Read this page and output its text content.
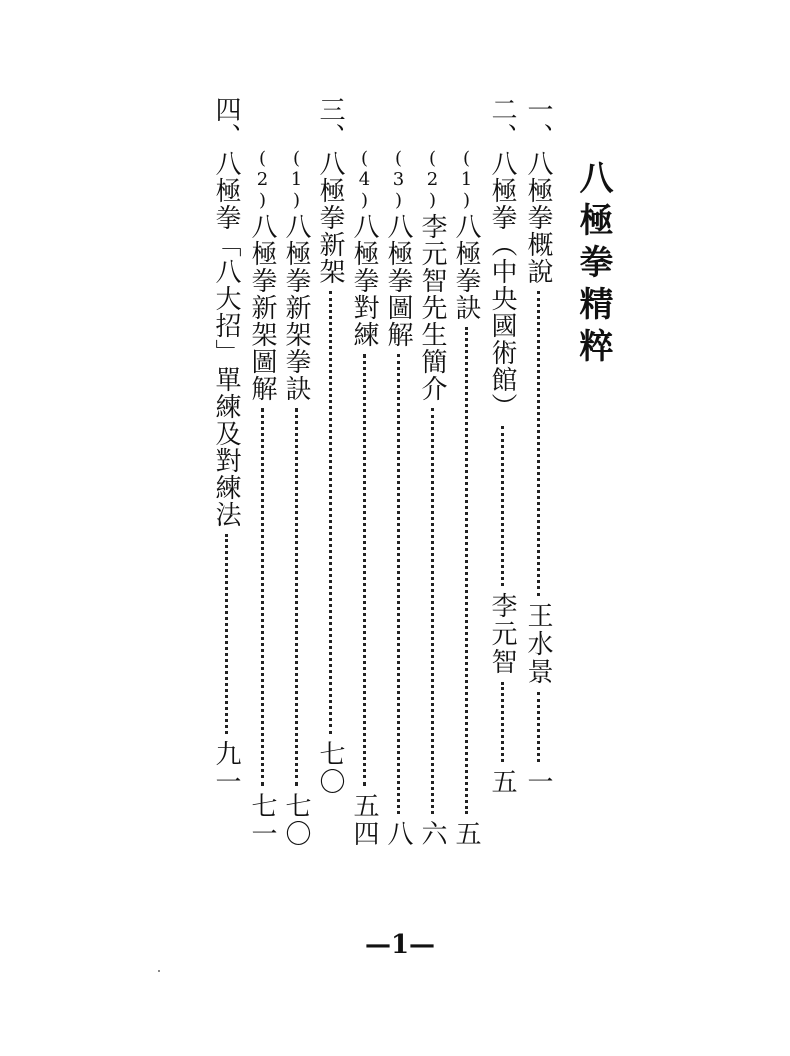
八極拳精粹
一、八極拳概說
王水景
一
二、八極拳（中央國術館）
李元智
五
(1)
八極拳訣
五
(2)
李元智先生簡介
六
(3)
八極拳圖解
八
(4)
八極拳對練
五四
三、八極拳新架
七〇
(1)
八極拳新架拳訣
七〇
(2)
八極拳新架圖解
七一
四、八極拳「八大招」單練及對練法
九一
—1—
